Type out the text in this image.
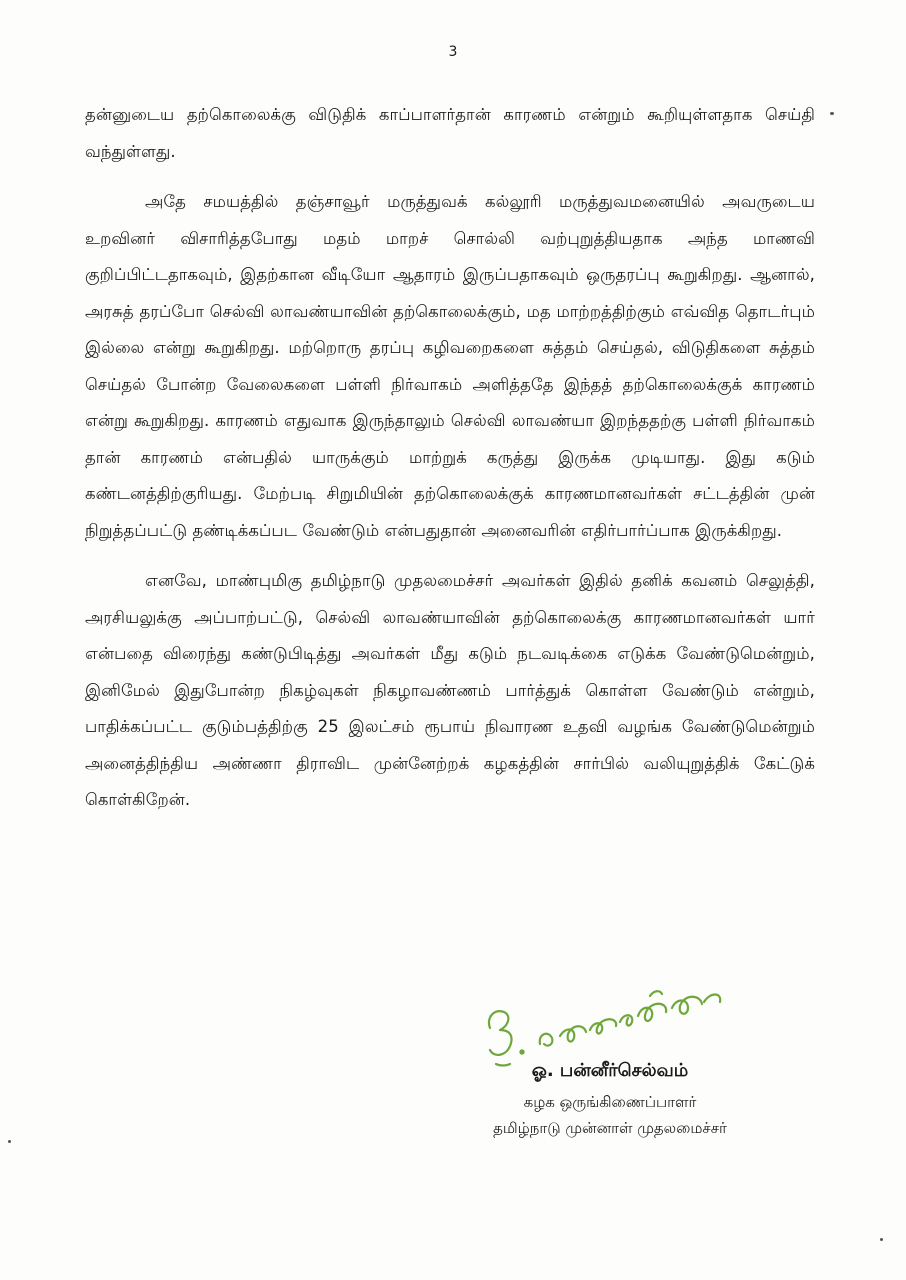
3

தன்னுடைய தற்கொலைக்கு விடுதிக் காப்பாளர்தான் காரணம் என்றும் கூறியுள்ளதாக செய்தி வந்துள்ளது.

அதே சமயத்தில் தஞ்சாவூர் மருத்துவக் கல்லூரி மருத்துவமனையில் அவருடைய உறவினர் விசாரித்தபோது மதம் மாறச் சொல்லி வற்புறுத்தியதாக அந்த மாணவி குறிப்பிட்டதாகவும், இதற்கான வீடியோ ஆதாரம் இருப்பதாகவும் ஒருதரப்பு கூறுகிறது. ஆனால், அரசுத் தரப்போ செல்வி லாவண்யாவின் தற்கொலைக்கும், மத மாற்றத்திற்கும் எவ்வித தொடர்பும் இல்லை என்று கூறுகிறது. மற்றொரு தரப்பு கழிவறைகளை சுத்தம் செய்தல், விடுதிகளை சுத்தம் செய்தல் போன்ற வேலைகளை பள்ளி நிர்வாகம் அளித்ததே இந்தத் தற்கொலைக்குக் காரணம் என்று கூறுகிறது. காரணம் எதுவாக இருந்தாலும் செல்வி லாவண்யா இறந்ததற்கு பள்ளி நிர்வாகம் தான் காரணம் என்பதில் யாருக்கும் மாற்றுக் கருத்து இருக்க முடியாது. இது கடும் கண்டனத்திற்குரியது. மேற்படி சிறுமியின் தற்கொலைக்குக் காரணமானவர்கள் சட்டத்தின் முன் நிறுத்தப்பட்டு தண்டிக்கப்பட வேண்டும் என்பதுதான் அனைவரின் எதிர்பார்ப்பாக இருக்கிறது.

எனவே, மாண்புமிகு தமிழ்நாடு முதலமைச்சர் அவர்கள் இதில் தனிக் கவனம் செலுத்தி, அரசியலுக்கு அப்பாற்பட்டு, செல்வி லாவண்யாவின் தற்கொலைக்கு காரணமானவர்கள் யார் என்பதை விரைந்து கண்டுபிடித்து அவர்கள் மீது கடும் நடவடிக்கை எடுக்க வேண்டுமென்றும், இனிமேல் இதுபோன்ற நிகழ்வுகள் நிகழாவண்ணம் பார்த்துக் கொள்ள வேண்டும் என்றும், பாதிக்கப்பட்ட குடும்பத்திற்கு 25 இலட்சம் ரூபாய் நிவாரண உதவி வழங்க வேண்டுமென்றும் அனைத்திந்திய அண்ணா திராவிட முன்னேற்றக் கழகத்தின் சார்பில் வலியுறுத்திக் கேட்டுக் கொள்கிறேன்.

ஓ. பன்னீர்செல்வம்
கழக ஒருங்கிணைப்பாளர்
தமிழ்நாடு முன்னாள் முதலமைச்சர்
